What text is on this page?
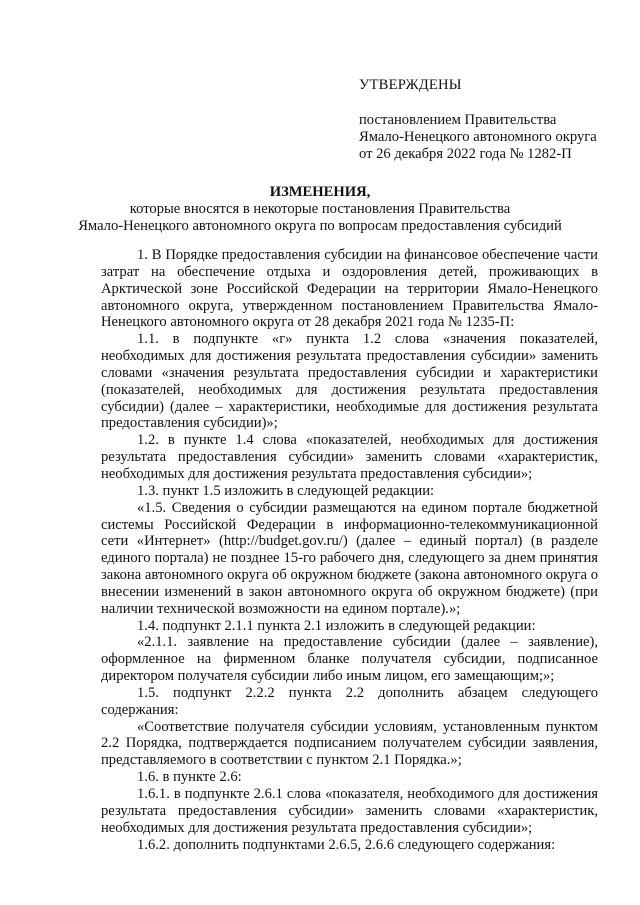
УТВЕРЖДЕНЫ
постановлением Правительства
Ямало-Ненецкого автономного округа
от 26 декабря 2022 года № 1282-П
ИЗМЕНЕНИЯ,
которые вносятся в некоторые постановления Правительства
Ямало-Ненецкого автономного округа по вопросам предоставления субсидий

1. В Порядке предоставления субсидии на финансовое обеспечение части затрат на обеспечение отдыха и оздоровления детей, проживающих в Арктической зоне Российской Федерации на территории Ямало-Ненецкого автономного округа, утвержденном постановлением Правительства Ямало-Ненецкого автономного округа от 28 декабря 2021 года № 1235-П:

1.1. в подпункте «г» пункта 1.2 слова «значения показателей, необходимых для достижения результата предоставления субсидии» заменить словами «значения результата предоставления субсидии и характеристики (показателей, необходимых для достижения результата предоставления субсидии) (далее – характеристики, необходимые для достижения результата предоставления субсидии)»;

1.2. в пункте 1.4 слова «показателей, необходимых для достижения результата предоставления субсидии» заменить словами «характеристик, необходимых для достижения результата предоставления субсидии»;

1.3. пункт 1.5 изложить в следующей редакции:

«1.5. Сведения о субсидии размещаются на едином портале бюджетной системы Российской Федерации в информационно-телекоммуникационной сети «Интернет» (http://budget.gov.ru/) (далее – единый портал) (в разделе единого портала) не позднее 15-го рабочего дня, следующего за днем принятия закона автономного округа об окружном бюджете (закона автономного округа о внесении изменений в закон автономного округа об окружном бюджете) (при наличии технической возможности на едином портале).»;

1.4. подпункт 2.1.1 пункта 2.1 изложить в следующей редакции:

«2.1.1. заявление на предоставление субсидии (далее – заявление), оформленное на фирменном бланке получателя субсидии, подписанное директором получателя субсидии либо иным лицом, его замещающим;»;

1.5. подпункт 2.2.2 пункта 2.2 дополнить абзацем следующего содержания:

«Соответствие получателя субсидии условиям, установленным пунктом 2.2 Порядка, подтверждается подписанием получателем субсидии заявления, представляемого в соответствии с пунктом 2.1 Порядка.»;

1.6. в пункте 2.6:

1.6.1. в подпункте 2.6.1 слова «показателя, необходимого для достижения результата предоставления субсидии» заменить словами «характеристик, необходимых для достижения результата предоставления субсидии»;

1.6.2. дополнить подпунктами 2.6.5, 2.6.6 следующего содержания:
